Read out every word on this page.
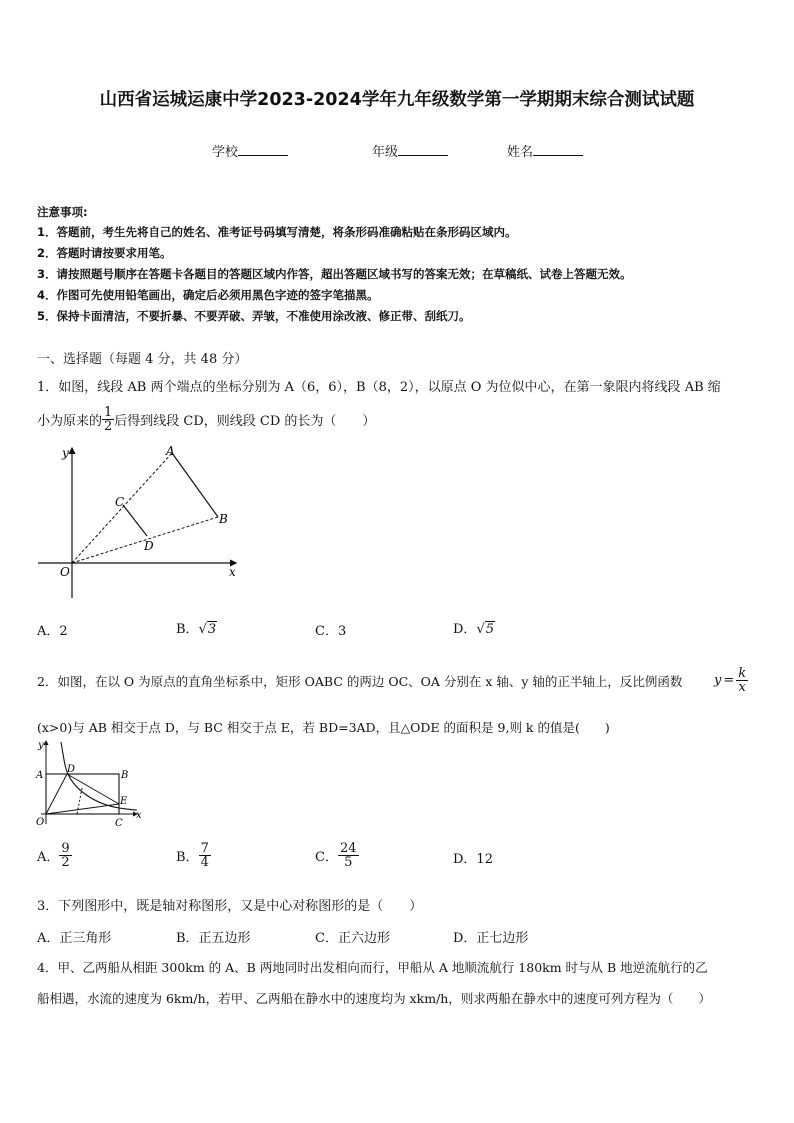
山西省运城运康中学2023-2024学年九年级数学第一学期期末综合测试试题
学校	年级	姓名
注意事项:
1．答题前，考生先将自己的姓名、准考证号码填写清楚，将条形码准确粘贴在条形码区域内。
2．答题时请按要求用笔。
3．请按照题号顺序在答题卡各题目的答题区域内作答，超出答题区域书写的答案无效；在草稿纸、试卷上答题无效。
4．作图可先使用铅笔画出，确定后必须用黑色字迹的签字笔描黑。
5．保持卡面清洁，不要折暴、不要弄破、弄皱，不准使用涂改液、修正带、刮纸刀。
一、选择题（每题 4 分，共 48 分）
1．如图，线段 AB 两个端点的坐标分别为 A（6，6），B（8，2），以原点 O 为位似中心，在第一象限内将线段 AB 缩
小为原来的 $\frac{1}{2}$ 后得到线段 CD，则线段 CD 的长为（　　）
y
x
O
A
B
C
D
A．2	B．√3	C．3	D．√5
2．如图，在以 O 为原点的直角坐标系中，矩形 OABC 的两边 OC、OA 分别在 x 轴、y 轴的正半轴上，反比例函数 $y = \frac{k}{x}$
(x>0)与 AB 相交于点 D，与 BC 相交于点 E，若 BD=3AD，且△ODE 的面积是 9,则 k 的值是(　　)
y
x
O
A	B
C
D
E
A． $\frac{9}{2}$	B． $\frac{7}{4}$	C． $\frac{24}{5}$	D．12
3．下列图形中，既是轴对称图形，又是中心对称图形的是（　　）
A．正三角形	B．正五边形	C．正六边形	D．正七边形
4．甲、乙两船从相距 300km 的 A、B 两地同时出发相向而行，甲船从 A 地顺流航行 180km 时与从 B 地逆流航行的乙
船相遇，水流的速度为 6km/h，若甲、乙两船在静水中的速度均为 xkm/h，则求两船在静水中的速度可列方程为（　　）
